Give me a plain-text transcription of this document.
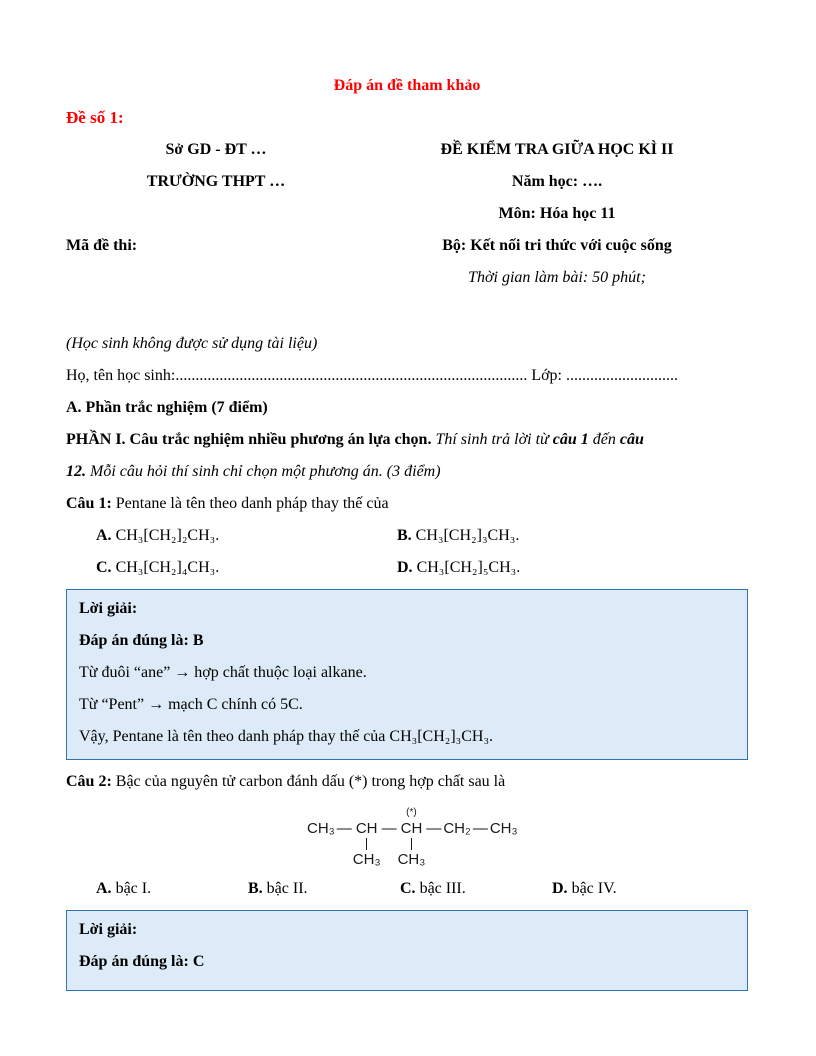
Đáp án đề tham khảo

Đề số 1:

Sở GD - ĐT …

TRƯỜNG THPT …

Mã đề thi:

ĐỀ KIỂM TRA GIỮA HỌC KÌ II

Năm học: ….

Môn: Hóa học 11

Bộ: Kết nối tri thức với cuộc sống

Thời gian làm bài: 50 phút;

(Học sinh không được sử dụng tài liệu)

Họ, tên học sinh:........................................................................................ Lớp: ............................

A. Phần trắc nghiệm (7 điểm)

PHẦN I. Câu trắc nghiệm nhiều phương án lựa chọn. Thí sinh trả lời từ câu 1 đến câu

12. Mỗi câu hỏi thí sinh chỉ chọn một phương án. (3 điểm)

Câu 1: Pentane là tên theo danh pháp thay thế của

A. CH₃[CH₂]₂CH₃.	B. CH₃[CH₂]₃CH₃.

C. CH₃[CH₂]₄CH₃.	D. CH₃[CH₂]₅CH₃.

Lời giải:

Đáp án đúng là: B

Từ đuôi “ane” → hợp chất thuộc loại alkane.

Từ “Pent” → mạch C chính có 5C.

Vậy, Pentane là tên theo danh pháp thay thế của CH₃[CH₂]₃CH₃.

Câu 2: Bậc của nguyên tử carbon đánh dấu (*) trong hợp chất sau là

CH₃ — CH
CH₃
—
(*)
CH
CH₃
— CH₂ — CH₃

A. bậc I.	B. bậc II.	C. bậc III.	D. bậc IV.

Lời giải:

Đáp án đúng là: C
